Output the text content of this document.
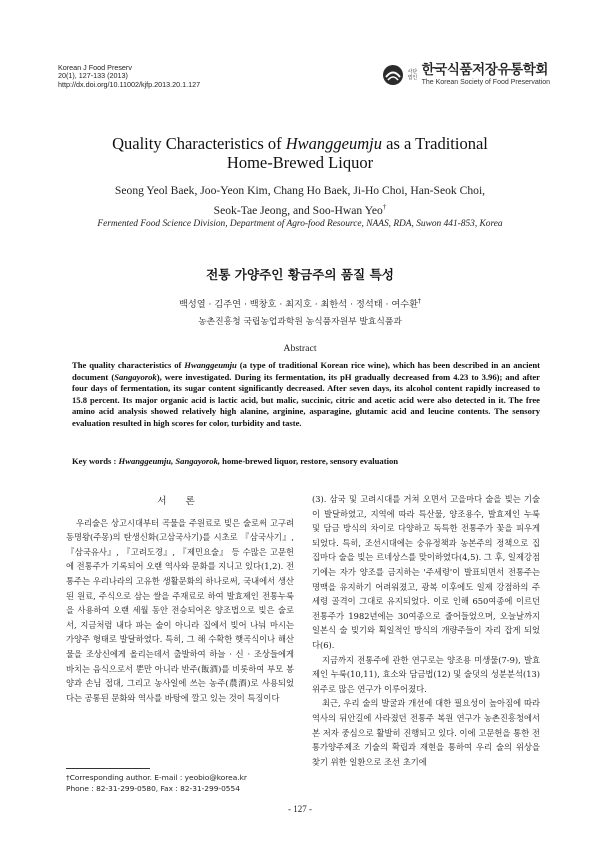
Korean J Food Preserv
20(1), 127-133 (2013)
http://dx.doi.org/10.11002/kjfp.2013.20.1.127
사단 법인 한국식품저장유통학회
The Korean Society of Food Preservation
Quality Characteristics of Hwanggeumju as a Traditional
Home-Brewed Liquor
Seong Yeol Baek, Joo-Yeon Kim, Chang Ho Baek, Ji-Ho Choi, Han-Seok Choi,
Seok-Tae Jeong, and Soo-Hwan Yeo†
Fermented Food Science Division, Department of Agro-food Resource, NAAS, RDA, Suwon 441-853, Korea
전통 가양주인 황금주의 품질 특성
백성열 · 김주연 · 백창호 · 최지호 · 최한석 · 정석태 · 여수환†
농촌진흥청 국립농업과학원 농식품자원부 발효식품과
Abstract
The quality characteristics of Hwanggeumju (a type of traditional Korean rice wine), which has been described in an ancient document (Sangayorok), were investigated. During its fermentation, its pH gradually decreased from 4.23 to 3.96); and after four days of fermentation, its sugar content significantly decreased. After seven days, its alcohol content rapidly increased to 15.8 percent. Its major organic acid is lactic acid, but malic, succinic, citric and acetic acid were also detected in it. The free amino acid analysis showed relatively high alanine, arginine, asparagine, glutamic acid and leucine contents. The sensory evaluation resulted in high scores for color, turbidity and taste.
Key words : Hwanggeumju, Sangayorok, home-brewed liquor, restore, sensory evaluation
서 론

우리술은 상고시대부터 곡물을 주원료로 빚은 술로써 고구려 동명왕(주몽)의 탄생신화(고삼국사기)를 시초로 『삼국사기』, 『삼국유사』, 『고려도경』, 『제민요술』 등 수많은 고문헌에 전통주가 기록되어 오랜 역사와 문화를 지니고 있다(1,2). 전통주는 우리나라의 고유한 생활문화의 하나로써, 국내에서 생산된 원료, 주식으로 삼는 쌀을 주재료로 하여 발효제인 전통누룩을 사용하여 오랜 세월 동안 전승되어온 양조법으로 빚은 술로서, 지금처럼 내다 파는 술이 아니라 집에서 빚어 나눠 마시는 가양주 형태로 발달하였다. 특히, 그 해 수확한 햇곡식이나 해산물을 조상신에게 올리는데서 출발하여 하늘 · 신 · 조상들에게 바치는 음식으로서 뿐만 아니라 반주(飯酒)를 비롯하여 부모 봉양과 손님 접대, 그리고 농사일에 쓰는 농주(農酒)로 사용되었다는 공통된 문화와 역사를 바탕에 깔고 있는 것이 특징이다

(3). 삼국 및 고려시대를 거쳐 오면서 고을마다 술을 빚는 기술이 발달하였고, 지역에 따라 특산물, 양조용수, 발효제인 누룩 및 담금 방식의 차이로 다양하고 독특한 전통주가 꽃을 피우게 되었다. 특히, 조선시대에는 숭유정책과 농본주의 정책으로 집집마다 술을 빚는 르네상스를 맞이하였다(4,5). 그 후, 일제강점기에는 자가 양조를 금지하는 '주세령'이 발표되면서 전통주는 명맥을 유지하기 어려워졌고, 광복 이후에도 일제 강점하의 주세령 골격이 그대로 유지되었다. 이로 인해 650여종에 이르던 전통주가 1982년에는 30여종으로 줄어들었으며, 오늘날까지 일본식 술 빚기와 획일적인 방식의 개량주들이 자리 잡게 되었다(6).

지금까지 전통주에 관한 연구로는 양조용 미생물(7-9), 발효제인 누룩(10,11), 효소와 담금법(12) 및 술덧의 성분분석(13) 위주로 많은 연구가 이루어졌다.

최근, 우리 술의 발굴과 개선에 대한 필요성이 높아짐에 따라 역사의 뒤안길에 사라졌던 전통주 복원 연구가 농촌진흥청에서 본 저자 중심으로 활발히 진행되고 있다. 이에 고문헌을 통한 전통가양주제조 기술의 확립과 재현을 통하여 우리 술의 위상을 찾기 위한 일환으로 조선 초기에

†Corresponding author. E-mail : yeobio@korea.kr
Phone : 82-31-299-0580, Fax : 82-31-299-0554
- 127 -
